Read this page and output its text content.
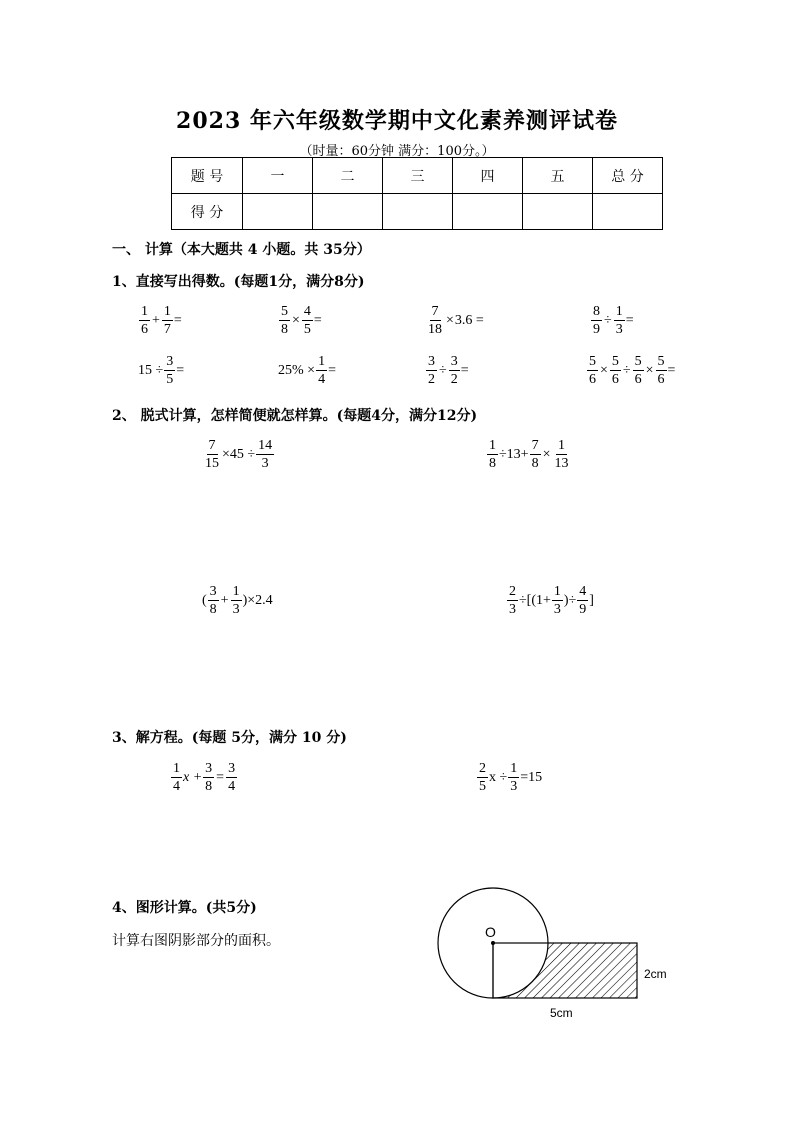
2023 年六年级数学期中文化素养测评试卷
（时量：60分钟 满分：100分。）
题 号	一	二	三	四	五	总 分
得 分						
一、 计算（本大题共 4 小题。共 35分）
1、直接写出得数。(每题1分，满分8分)
$\frac{1}{6} + \frac{1}{7}$ =	$\frac{5}{8} \times \frac{4}{5}$ =	$\frac{7}{18} \times 3.6$ =	$\frac{8}{9} \div \frac{1}{3}$ =
$15 \div \frac{3}{5}$ =	$25\% \times \frac{1}{4}$ =	$\frac{3}{2} \div \frac{3}{2}$ =	$\frac{5}{6} \times \frac{5}{6} \div \frac{5}{6} \times \frac{5}{6}$ =
2、 脱式计算，怎样简便就怎样算。(每题4分，满分12分)
$\frac{7}{15} \times 45 \div \frac{14}{3}$	$\frac{1}{8} \div 13+ \frac{7}{8} \times \frac{1}{13}$
( $\frac{3}{8} + \frac{1}{3} )\times 2.4$	$\frac{2}{3} \div[(1+ \frac{1}{3}$ )÷ $\frac{4}{9}$ ]
3、解方程。(每题 5分，满分 10 分)
$\frac{1}{4}$ $x + \frac{3}{8} = \frac{3}{4}$	$\frac{2}{5}$ $x \div \frac{1}{3} =15$
4、图形计算。(共5分)
计算右图阴影部分的面积。
O
2cm
5cm
